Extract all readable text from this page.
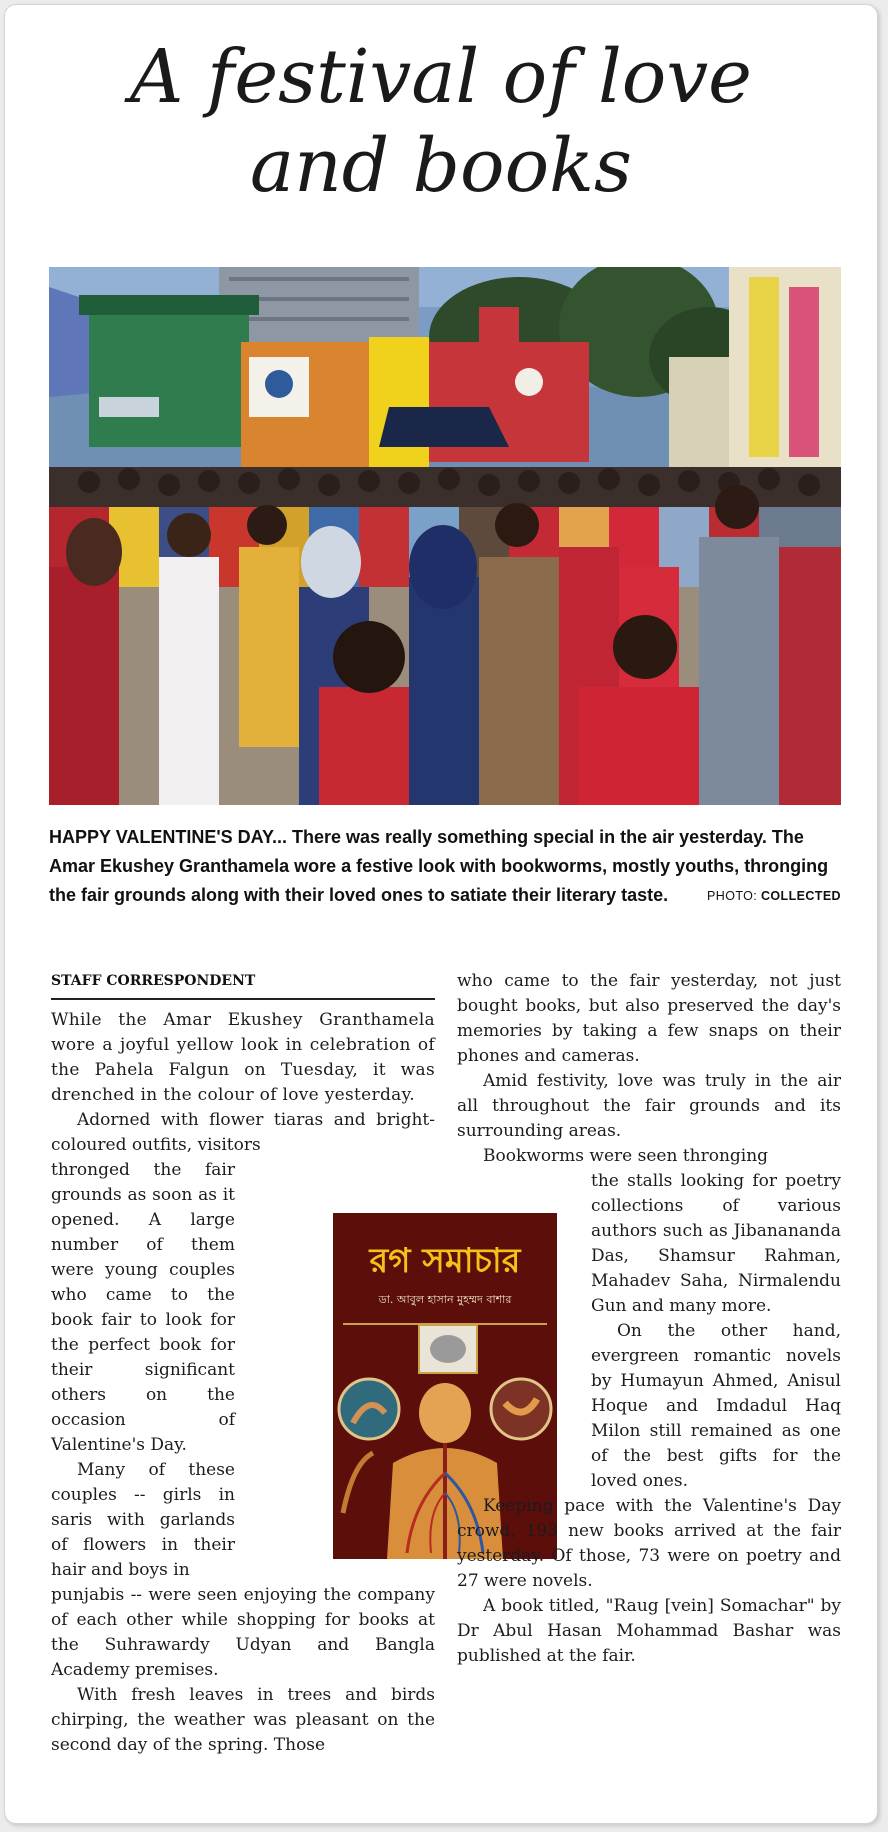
A festival of love
and books
HAPPY VALENTINE'S DAY... There was really something special in the air yesterday. The Amar Ekushey Granthamela wore a festive look with bookworms, mostly youths, thronging the fair grounds along with their loved ones to satiate their literary taste.	PHOTO: COLLECTED
STAFF CORRESPONDENT

While the Amar Ekushey Granthamela wore a joyful yellow look in celebration of the Pahela Falgun on Tuesday, it was drenched in the colour of love yesterday.

Adorned with flower tiaras and bright-coloured outfits, visitors

thronged the fair grounds as soon as it opened. A large number of them were young couples who came to the book fair to look for the perfect book for their significant others on the occasion of Valentine's Day.

Many of these couples -- girls in saris with garlands of flowers in their hair and boys in

punjabis -- were seen enjoying the company of each other while shopping for books at the Suhrawardy Udyan and Bangla Academy premises.

With fresh leaves in trees and birds chirping, the weather was pleasant on the second day of the spring. Those

রগ সমাচার
ডা. আবুল হাসান মুহম্মদ বাশার

who came to the fair yesterday, not just bought books, but also preserved the day's memories by taking a few snaps on their phones and cameras.

Amid festivity, love was truly in the air all throughout the fair grounds and its surrounding areas.

Bookworms were seen thronging

the stalls looking for poetry collections of various authors such as Jibanananda Das, Shamsur Rahman, Mahadev Saha, Nirmalendu Gun and many more.

On the other hand, evergreen romantic novels by Humayun Ahmed, Anisul Hoque and Imdadul Haq Milon still remained as one of the best gifts for the loved ones.

Keeping pace with the Valentine's Day crowd, 193 new books arrived at the fair yesterday. Of those, 73 were on poetry and 27 were novels.

A book titled, "Raug [vein] Somachar" by Dr Abul Hasan Mohammad Bashar was published at the fair.
